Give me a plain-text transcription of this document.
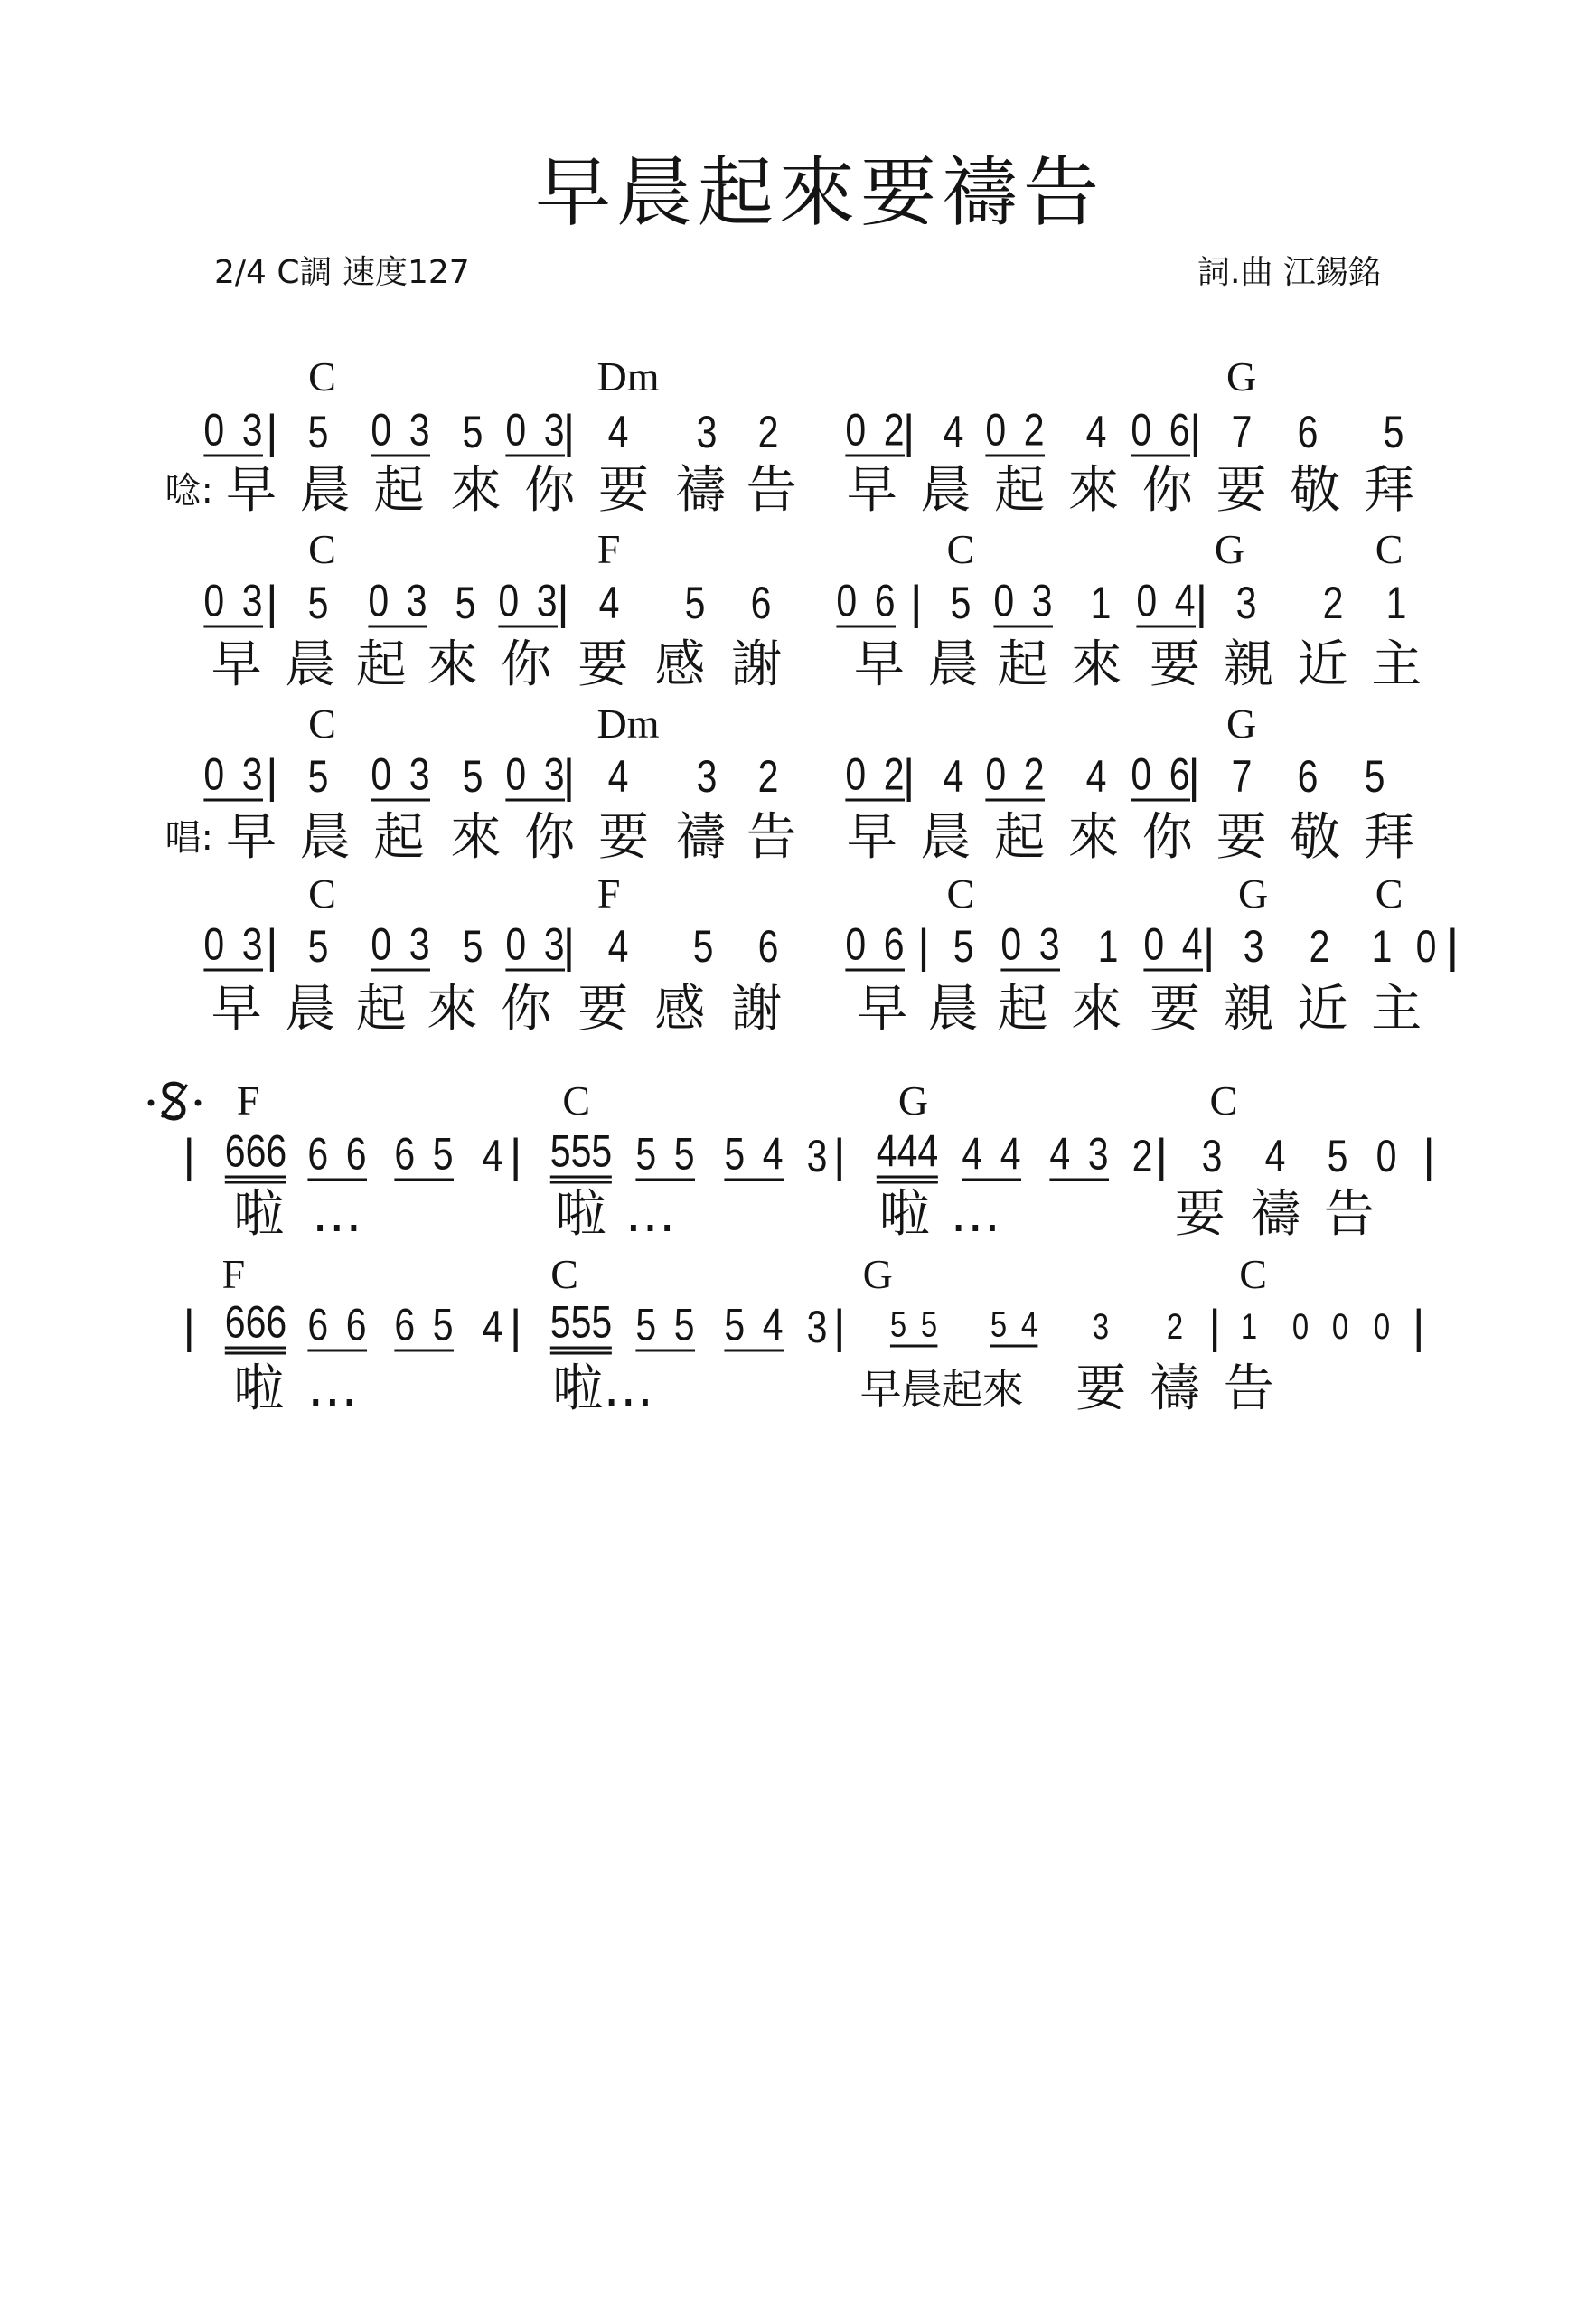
早晨起來要禱告
2/4 C調 速度127	詞.曲 江錫銘
C	Dm	G
0 3 | 5 0 3 5 0 3
| 4 3 2 0 2
| 4 0 2 4 0 6 | 7 6 5
唸: 早 晨 起 來 你 要 禱 告 早 晨 起 來 你 要 敬 拜
C	F	C	G	C
0 3 | 5 0 3 5 0 3 | 4 5 6 0 6 | 5 0 3 1 0 4 | 3 2 1
早 晨 起 來 你 要 感 謝 早 晨 起 來 要 親 近 主
C	Dm	G
0 3 | 5 0 3 5 0 3
| 4 3 2 0 2
| 4 0 2 4 0 6
| 7 6 5
唱: 早 晨 起 來 你 要 禱 告 早 晨 起 來 你 要 敬 拜
C	F	C	G	C
0 3 | 5 0 3 5 0 3
| 4 5 6 0 6 | 5 0 3 1 0 4 | 3 2 1 0 |
早 晨 起 來 你 要 感 謝 早 晨 起 來 要 親 近 主
F	C	G	C
| 666 6 6 6 5 4 | 555 5 5 5 4 3 | 444 4 4 4 3 2 | 3 4 5 0 |
啦 …	啦 …	啦 …	要 禱 告
F	C	G	C
| 666 6 6 6 5 4 | 555 5 5 5 4 3 | 5 5 5 4 3 2 | 1 0 0 0 |
啦 …	啦…	早晨起來 要 禱 告
